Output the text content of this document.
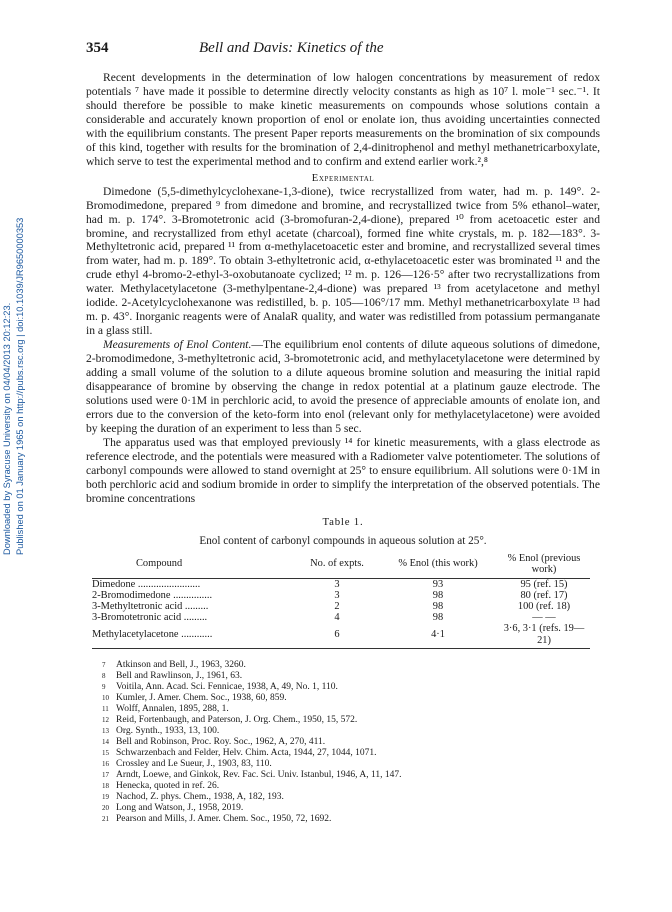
Downloaded by Syracuse University on 04/04/2013 20:12:23. Published on 01 January 1965 on http://pubs.rsc.org | doi:10.1039/JR9650000353
354	Bell and Davis: Kinetics of the

Recent developments in the determination of low halogen concentrations by measurement of redox potentials ⁷ have made it possible to determine directly velocity constants as high as 10⁷ l. mole⁻¹ sec.⁻¹. It should therefore be possible to make kinetic measurements on compounds whose solutions contain a considerable and accurately known proportion of enol or enolate ion, thus avoiding uncertainties connected with the equilibrium constants. The present Paper reports measurements on the bromination of six compounds of this kind, together with results for the bromination of 2,4-dinitrophenol and methyl methanetricarboxylate, which serve to test the experimental method and to confirm and extend earlier work.²,⁸

Experimental

Dimedone (5,5-dimethylcyclohexane-1,3-dione), twice recrystallized from water, had m. p. 149°. 2-Bromodimedone, prepared ⁹ from dimedone and bromine, and recrystallized twice from 5% ethanol–water, had m. p. 174°. 3-Bromotetronic acid (3-bromofuran-2,4-dione), prepared ¹⁰ from acetoacetic ester and bromine, and recrystallized from ethyl acetate (charcoal), formed fine white crystals, m. p. 182—183°. 3-Methyltetronic acid, prepared ¹¹ from α-methylacetoacetic ester and bromine, and recrystallized several times from water, had m. p. 189°. To obtain 3-ethyltetronic acid, α-ethylacetoacetic ester was brominated ¹¹ and the crude ethyl 4-bromo-2-ethyl-3-oxobutanoate cyclized; ¹² m. p. 126—126·5° after two recrystallizations from water. Methylacetylacetone (3-methylpentane-2,4-dione) was prepared ¹³ from acetylacetone and methyl iodide. 2-Acetylcyclohexanone was redistilled, b. p. 105—106°/17 mm. Methyl methanetricarboxylate ¹³ had m. p. 43°. Inorganic reagents were of AnalaR quality, and water was redistilled from potassium permanganate in a glass still.

Measurements of Enol Content.—The equilibrium enol contents of dilute aqueous solutions of dimedone, 2-bromodimedone, 3-methyltetronic acid, 3-bromotetronic acid, and methylacetylacetone were determined by adding a small volume of the solution to a dilute aqueous bromine solution and measuring the initial rapid disappearance of bromine by observing the change in redox potential at a platinum gauze electrode. The solutions used were 0·1M in perchloric acid, to avoid the presence of appreciable amounts of enolate ion, and errors due to the conversion of the keto-form into enol (relevant only for methylacetylacetone) were avoided by keeping the duration of an experiment to less than 5 sec.

The apparatus used was that employed previously ¹⁴ for kinetic measurements, with a glass electrode as reference electrode, and the potentials were measured with a Radiometer valve potentiometer. The solutions of carbonyl compounds were allowed to stand overnight at 25° to ensure equilibrium. All solutions were 0·1M in both perchloric acid and sodium bromide in order to simplify the interpretation of the observed potentials. The bromine concentrations

Table 1.
Enol content of carbonyl compounds in aqueous solution at 25°.
Compound	No. of expts.	% Enol (this work)	% Enol (previous work)
Dimedone ........................	3	93	95 (ref. 15)
2-Bromodimedone ...............	3	98	80 (ref. 17)
3-Methyltetronic acid .........	2	98	100 (ref. 18)
3-Bromotetronic acid .........	4	98	— —
Methylacetylacetone ............	6	4·1	3·6, 3·1 (refs. 19—21)
7	Atkinson and Bell, J., 1963, 3260.
8	Bell and Rawlinson, J., 1961, 63.
9	Voitila, Ann. Acad. Sci. Fennicae, 1938, A, 49, No. 1, 110.
10 Kumler, J. Amer. Chem. Soc., 1938, 60, 859.
11 Wolff, Annalen, 1895, 288, 1.
12 Reid, Fortenbaugh, and Paterson, J. Org. Chem., 1950, 15, 572.
13 Org. Synth., 1933, 13, 100.
14 Bell and Robinson, Proc. Roy. Soc., 1962, A, 270, 411.
15 Schwarzenbach and Felder, Helv. Chim. Acta, 1944, 27, 1044, 1071.
16 Crossley and Le Sueur, J., 1903, 83, 110.
17 Arndt, Loewe, and Ginkok, Rev. Fac. Sci. Univ. Istanbul, 1946, A, 11, 147.
18 Henecka, quoted in ref. 26.
19 Nachod, Z. phys. Chem., 1938, A, 182, 193.
20 Long and Watson, J., 1958, 2019.
21 Pearson and Mills, J. Amer. Chem. Soc., 1950, 72, 1692.
